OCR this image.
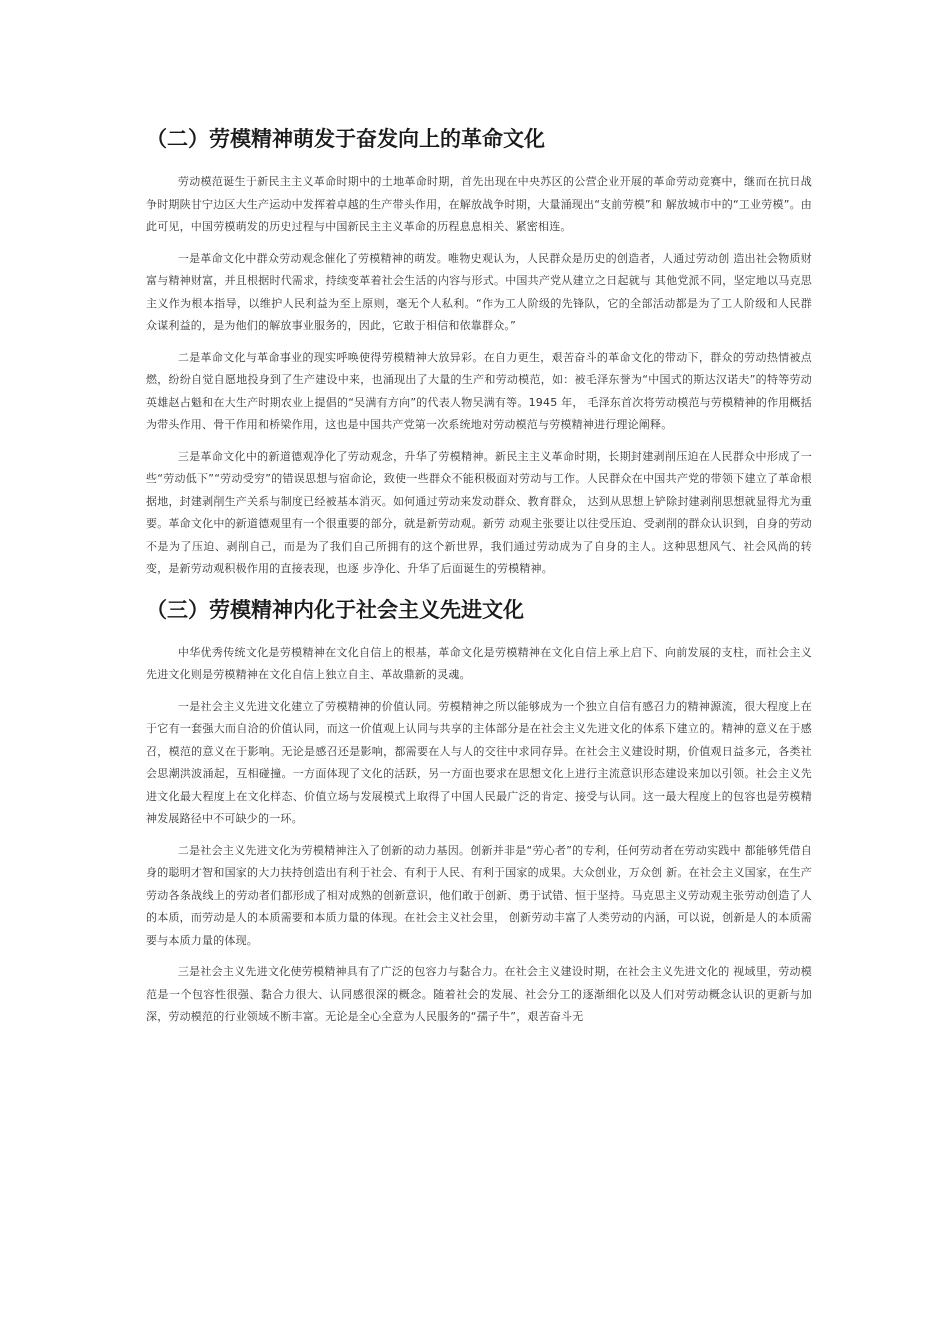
（二）劳模精神萌发于奋发向上的革命文化

劳动模范诞生于新民主主义革命时期中的土地革命时期，首先出现在中央苏区的公营企业开展的革命劳动竞赛中，继而在抗日战争时期陕甘宁边区大生产运动中发挥着卓越的生产带头作用，在解放战争时期，大量涌现出“支前劳模”和 解放城市中的“工业劳模”。由此可见，中国劳模萌发的历史过程与中国新民主主义革命的历程息息相关、紧密相连。

一是革命文化中群众劳动观念催化了劳模精神的萌发。唯物史观认为，人民群众是历史的创造者，人通过劳动创 造出社会物质财富与精神财富，并且根据时代需求，持续变革着社会生活的内容与形式。中国共产党从建立之日起就与 其他党派不同，坚定地以马克思主义作为根本指导，以维护人民利益为至上原则，毫无个人私利。“作为工人阶级的先锋队，它的全部活动都是为了工人阶级和人民群众谋利益的，是为他们的解放事业服务的，因此，它敢于相信和依靠群众。”

二是革命文化与革命事业的现实呼唤使得劳模精神大放异彩。在自力更生，艰苦奋斗的革命文化的带动下，群众的劳动热情被点燃，纷纷自觉自愿地投身到了生产建设中来，也涌现出了大量的生产和劳动模范，如：被毛泽东誉为“中国式的斯达汉诺夫”的特等劳动英雄赵占魁和在大生产时期农业上提倡的“吴满有方向”的代表人物吴满有等。1945 年， 毛泽东首次将劳动模范与劳模精神的作用概括为带头作用、骨干作用和桥梁作用，这也是中国共产党第一次系统地对劳动模范与劳模精神进行理论阐释。

三是革命文化中的新道德观净化了劳动观念，升华了劳模精神。新民主主义革命时期，长期封建剥削压迫在人民群众中形成了一些“劳动低下”“劳动受穷”的错误思想与宿命论，致使一些群众不能积极面对劳动与工作。人民群众在中国共产党的带领下建立了革命根据地，封建剥削生产关系与制度已经被基本消灭。如何通过劳动来发动群众、教育群众， 达到从思想上铲除封建剥削思想就显得尤为重要。革命文化中的新道德观里有一个很重要的部分，就是新劳动观。新劳 动观主张要让以往受压迫、受剥削的群众认识到，自身的劳动不是为了压迫、剥削自己，而是为了我们自己所拥有的这个新世界，我们通过劳动成为了自身的主人。这种思想风气、社会风尚的转变，是新劳动观积极作用的直接表现，也逐 步净化、升华了后面诞生的劳模精神。

（三）劳模精神内化于社会主义先进文化

中华优秀传统文化是劳模精神在文化自信上的根基，革命文化是劳模精神在文化自信上承上启下、向前发展的支柱，而社会主义先进文化则是劳模精神在文化自信上独立自主、革故鼎新的灵魂。

一是社会主义先进文化建立了劳模精神的价值认同。劳模精神之所以能够成为一个独立自信有感召力的精神源流，很大程度上在于它有一套强大而自洽的价值认同，而这一价值观上认同与共享的主体部分是在社会主义先进文化的体系下建立的。精神的意义在于感召，模范的意义在于影响。无论是感召还是影响，都需要在人与人的交往中求同存异。在社会主义建设时期，价值观日益多元，各类社会思潮洪波涌起，互相碰撞。一方面体现了文化的活跃，另一方面也要求在思想文化上进行主流意识形态建设来加以引领。社会主义先进文化最大程度上在文化样态、价值立场与发展模式上取得了中国人民最广泛的肯定、接受与认同。这一最大程度上的包容也是劳模精神发展路径中不可缺少的一环。

二是社会主义先进文化为劳模精神注入了创新的动力基因。创新并非是“劳心者”的专利，任何劳动者在劳动实践中 都能够凭借自身的聪明才智和国家的大力扶持创造出有利于社会、有利于人民、有利于国家的成果。大众创业，万众创 新。在社会主义国家，在生产劳动各条战线上的劳动者们都形成了相对成熟的创新意识，他们敢于创新、勇于试错、恒于坚持。马克思主义劳动观主张劳动创造了人的本质，而劳动是人的本质需要和本质力量的体现。在社会主义社会里， 创新劳动丰富了人类劳动的内涵，可以说，创新是人的本质需要与本质力量的体现。

三是社会主义先进文化使劳模精神具有了广泛的包容力与黏合力。在社会主义建设时期，在社会主义先进文化的 视域里，劳动模范是一个包容性很强、黏合力很大、认同感很深的概念。随着社会的发展、社会分工的逐渐细化以及人们对劳动概念认识的更新与加深，劳动模范的行业领域不断丰富。无论是全心全意为人民服务的“孺子牛”，艰苦奋斗无
